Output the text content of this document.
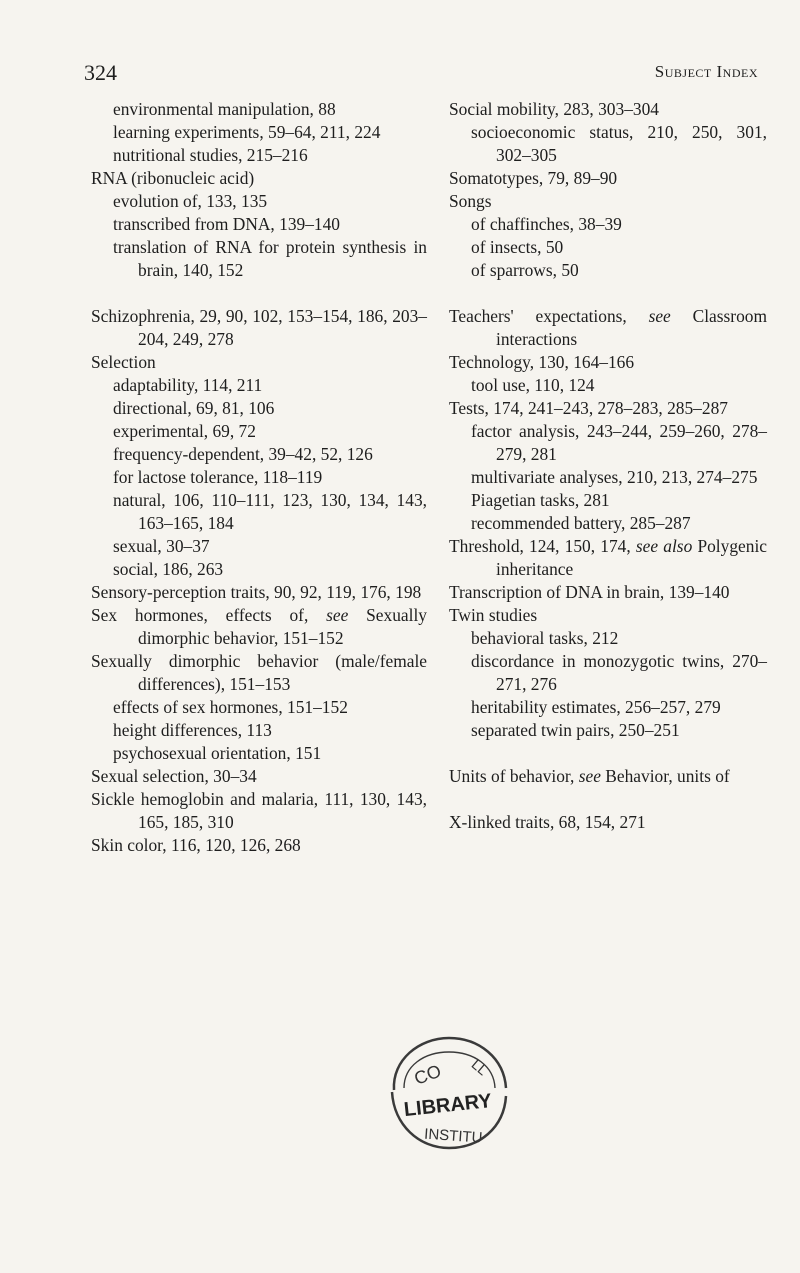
324	Subject Index
environmental manipulation, 88
learning experiments, 59–64, 211, 224
nutritional studies, 215–216
RNA (ribonucleic acid)
evolution of, 133, 135
transcribed from DNA, 139–140
translation of RNA for protein synthesis in brain, 140, 152
Schizophrenia, 29, 90, 102, 153–154, 186, 203–204, 249, 278
Selection
adaptability, 114, 211
directional, 69, 81, 106
experimental, 69, 72
frequency-dependent, 39–42, 52, 126
for lactose tolerance, 118–119
natural, 106, 110–111, 123, 130, 134, 143, 163–165, 184
sexual, 30–37
social, 186, 263
Sensory-perception traits, 90, 92, 119, 176, 198
Sex hormones, effects of, see Sexually dimorphic behavior, 151–152
Sexually dimorphic behavior (male/female differences), 151–153
effects of sex hormones, 151–152
height differences, 113
psychosexual orientation, 151
Sexual selection, 30–34
Sickle hemoglobin and malaria, 111, 130, 143, 165, 185, 310
Skin color, 116, 120, 126, 268
Social mobility, 283, 303–304
socioeconomic status, 210, 250, 301, 302–305
Somatotypes, 79, 89–90
Songs
of chaffinches, 38–39
of insects, 50
of sparrows, 50
Teachers' expectations, see Classroom interactions
Technology, 130, 164–166
tool use, 110, 124
Tests, 174, 241–243, 278–283, 285–287
factor analysis, 243–244, 259–260, 278–279, 281
multivariate analyses, 210, 213, 274–275
Piagetian tasks, 281
recommended battery, 285–287
Threshold, 124, 150, 174, see also Polygenic inheritance
Transcription of DNA in brain, 139–140
Twin studies
behavioral tasks, 212
discordance in monozygotic twins, 270–271, 276
heritability estimates, 256–257, 279
separated twin pairs, 250–251
Units of behavior, see Behavior, units of
X-linked traits, 68, 154, 271
CO LL
LIBRARY
INSTITU
